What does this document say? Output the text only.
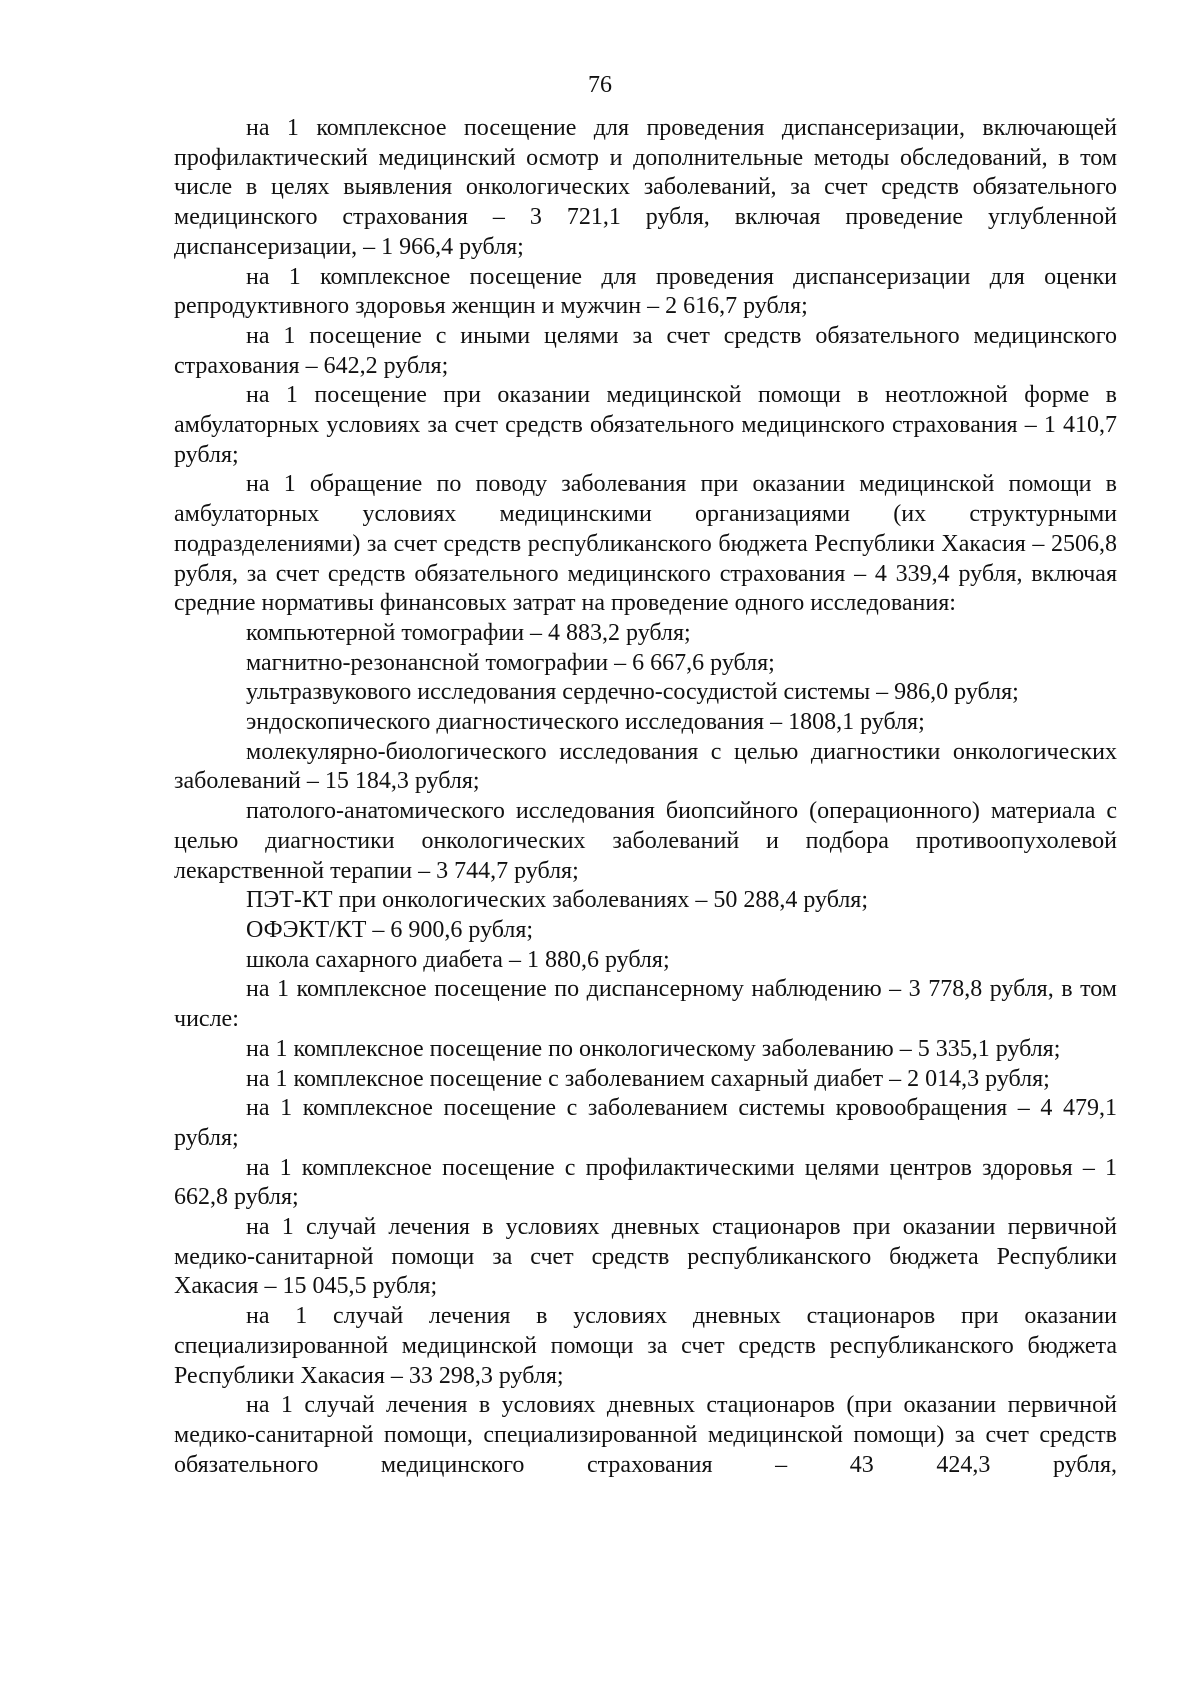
76

на 1 комплексное посещение для проведения диспансеризации, включающей профилактический медицинский осмотр и дополнительные методы обследований, в том числе в целях выявления онкологических заболеваний, за счет средств обязательного медицинского страхования – 3 721,1 рубля, включая проведение углубленной диспансеризации, – 1 966,4 рубля;

на 1 комплексное посещение для проведения диспансеризации для оценки репродуктивного здоровья женщин и мужчин – 2 616,7 рубля;

на 1 посещение с иными целями за счет средств обязательного медицинского страхования – 642,2 рубля;

на 1 посещение при оказании медицинской помощи в неотложной форме в амбулаторных условиях за счет средств обязательного медицинского страхования – 1 410,7 рубля;

на 1 обращение по поводу заболевания при оказании медицинской помощи в амбулаторных условиях медицинскими организациями (их структурными подразделениями) за счет средств республиканского бюджета Республики Хакасия – 2506,8 рубля, за счет средств обязательного медицинского страхования – 4 339,4 рубля, включая средние нормативы финансовых затрат на проведение одного исследования:

компьютерной томографии – 4 883,2 рубля;

магнитно-резонансной томографии – 6 667,6 рубля;

ультразвукового исследования сердечно-сосудистой системы – 986,0 рубля;

эндоскопического диагностического исследования – 1808,1 рубля;

молекулярно-биологического исследования с целью диагностики онкологических заболеваний – 15 184,3 рубля;

патолого-анатомического исследования биопсийного (операционного) материала с целью диагностики онкологических заболеваний и подбора противоопухолевой лекарственной терапии – 3 744,7 рубля;

ПЭТ-КТ при онкологических заболеваниях – 50 288,4 рубля;

ОФЭКТ/КТ – 6 900,6 рубля;

школа сахарного диабета – 1 880,6 рубля;

на 1 комплексное посещение по диспансерному наблюдению – 3 778,8 рубля, в том числе:

на 1 комплексное посещение по онкологическому заболеванию – 5 335,1 рубля;

на 1 комплексное посещение с заболеванием сахарный диабет – 2 014,3 рубля;

на 1 комплексное посещение с заболеванием системы кровообращения – 4 479,1 рубля;

на 1 комплексное посещение с профилактическими целями центров здоровья – 1 662,8 рубля;

на 1 случай лечения в условиях дневных стационаров при оказании первичной медико-санитарной помощи за счет средств республиканского бюджета Республики Хакасия – 15 045,5 рубля;

на 1 случай лечения в условиях дневных стационаров при оказании специализированной медицинской помощи за счет средств республиканского бюджета Республики Хакасия – 33 298,3 рубля;

на 1 случай лечения в условиях дневных стационаров (при оказании первичной медико-санитарной помощи, специализированной медицинской помощи) за счет средств обязательного медицинского страхования – 43 424,3 рубля,
